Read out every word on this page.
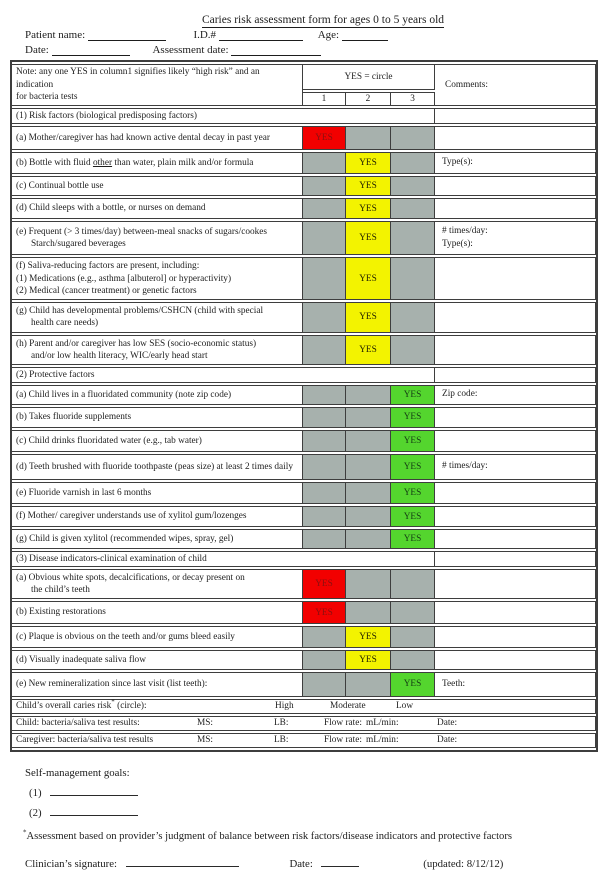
Caries risk assessment form for ages 0 to 5 years old
Patient name:	I.D.#	Age:
Date:	Assessment date:
Note: any one YES in column1 signifies likely “high risk” and an indication
for bacteria tests	YES = circle			Comments:
	1	2	3	
(1) Risk factors (biological predisposing factors)				

(a) Mother/caregiver has had known active dental decay in past year	YES			

(b) Bottle with fluid other than water, plain milk and/or formula		YES		Type(s):

(c) Continual bottle use		YES		

(d) Child sleeps with a bottle, or nurses on demand		YES		

(e) Frequent (> 3 times/day) between-meal snacks of sugars/cookes
Starch/sugared beverages
		YES		
# times/day:
Type(s):

(f) Saliva-reducing factors are present, including:
(1) Medications (e.g., asthma [albuterol] or hyperactivity)
(2) Medical (cancer treatment) or genetic factors		YES		

(g) Child has developmental problems/CSHCN (child with special
health care needs)		YES		

(h) Parent and/or caregiver has low SES (socio-economic status)
and/or low health literacy, WIC/early head start		YES		
(2) Protective factors				

(a) Child lives in a fluoridated community (note zip code)			YES	Zip code:

(b) Takes fluoride supplements			YES	

(c) Child drinks fluoridated water (e.g., tab water)			YES	

(d) Teeth brushed with fluoride toothpaste (peas size) at least 2 times daily			YES	# times/day:

(e) Fluoride varnish in last 6 months			YES	

(f) Mother/ caregiver understands use of xylitol gum/lozenges			YES	

(g) Child is given xylitol (recommended wipes, spray, gel)			YES	
(3) Disease indicators-clinical examination of child				

(a) Obvious white spots, decalcifications, or decay present on
the child’s teeth	YES			

(b) Existing restorations	YES			

(c) Plaque is obvious on the teeth and/or gums bleed easily		YES		

(d) Visually inadequate saliva flow		YES		

(e) New remineralization since last visit (list teeth):			YES	Teeth:

Child’s overall caries risk* (circle): High Moderate Low				

Child: bacteria/saliva test results:	MS:	LB:	Flow rate: mL/min:	Date:

Caregiver: bacteria/saliva test results	MS:	LB:	Flow rate: mL/min:	Date:
Self-management goals:
(1)
(2)
*Assessment based on provider’s judgment of balance between risk factors/disease indicators and protective factors
Clinician’s signature:	Date:	(updated: 8/12/12)
